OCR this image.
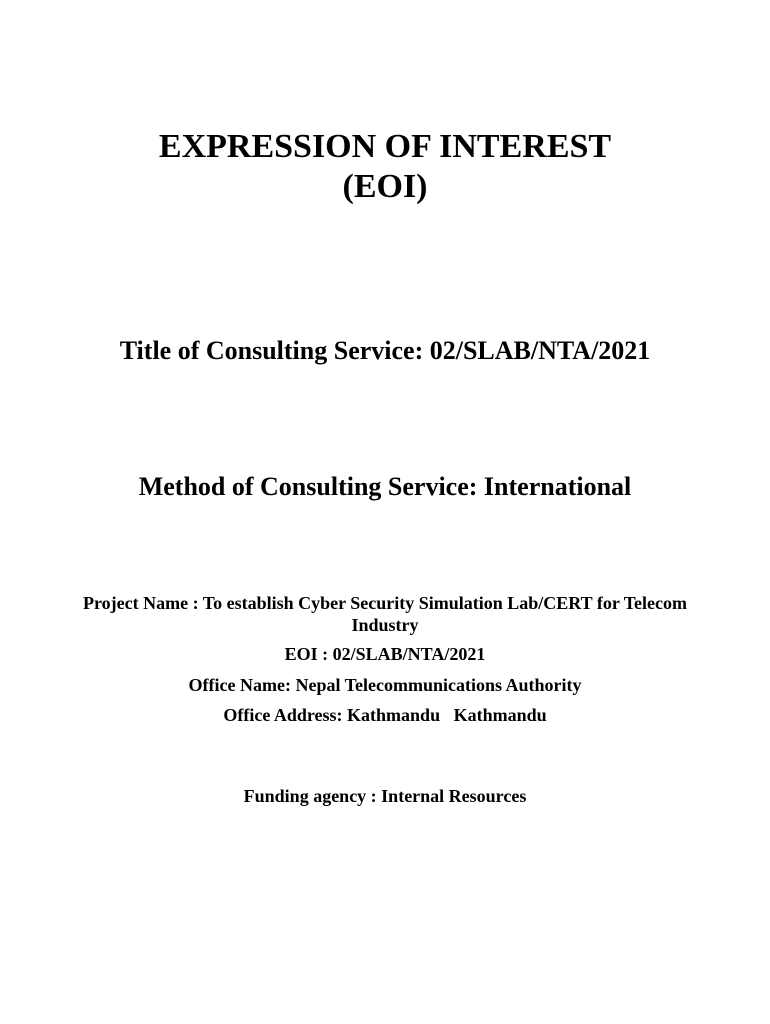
EXPRESSION OF INTEREST
(EOI)
Title of Consulting Service: 02/SLAB/NTA/2021
Method of Consulting Service: International
Project Name : To establish Cyber Security Simulation Lab/CERT for Telecom
Industry
EOI : 02/SLAB/NTA/2021
Office Name: Nepal Telecommunications Authority
Office Address: Kathmandu   Kathmandu
Funding agency : Internal Resources
